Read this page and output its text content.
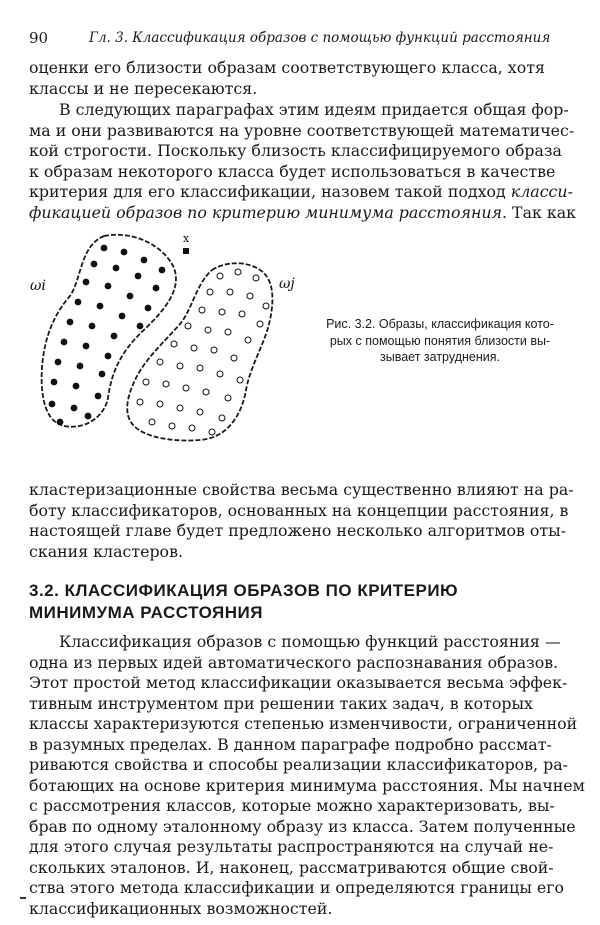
90	Гл. 3. Классификация образов с помощью функций расстояния

оценки его близости образам соответствующего класса, хотя
классы и не пересекаются.

В следующих параграфах этим идеям придается общая фор-
ма и они развиваются на уровне соответствующей математичес-
кой строгости. Поскольку близость классифицируемого образа
к образам некоторого класса будет использоваться в качестве
критерия для его классификации, назовем такой подход класси-
фикацией образов по критерию минимума расстояния. Так как

x
ωi	ωj

Рис. 3.2. Образы, классификация кото-
рых с помощью понятия близости вы-
зывает затруднения.

кластеризационные свойства весьма существенно влияют на ра-
боту классификаторов, основанных на концепции расстояния, в
настоящей главе будет предложено несколько алгоритмов оты-
скания кластеров.

3.2. КЛАССИФИКАЦИЯ ОБРАЗОВ ПО КРИТЕРИЮ
МИНИМУМА РАССТОЯНИЯ

Классификация образов с помощью функций расстояния —
одна из первых идей автоматического распознавания образов.
Этот простой метод классификации оказывается весьма эффек-
тивным инструментом при решении таких задач, в которых
классы характеризуются степенью изменчивости, ограниченной
в разумных пределах. В данном параграфе подробно рассмат-
риваются свойства и способы реализации классификаторов, ра-
ботающих на основе критерия минимума расстояния. Мы начнем
с рассмотрения классов, которые можно характеризовать, вы-
брав по одному эталонному образу из класса. Затем полученные
для этого случая результаты распространяются на случай не-
скольких эталонов. И, наконец, рассматриваются общие свой-
ства этого метода классификации и определяются границы его
классификационных возможностей.
